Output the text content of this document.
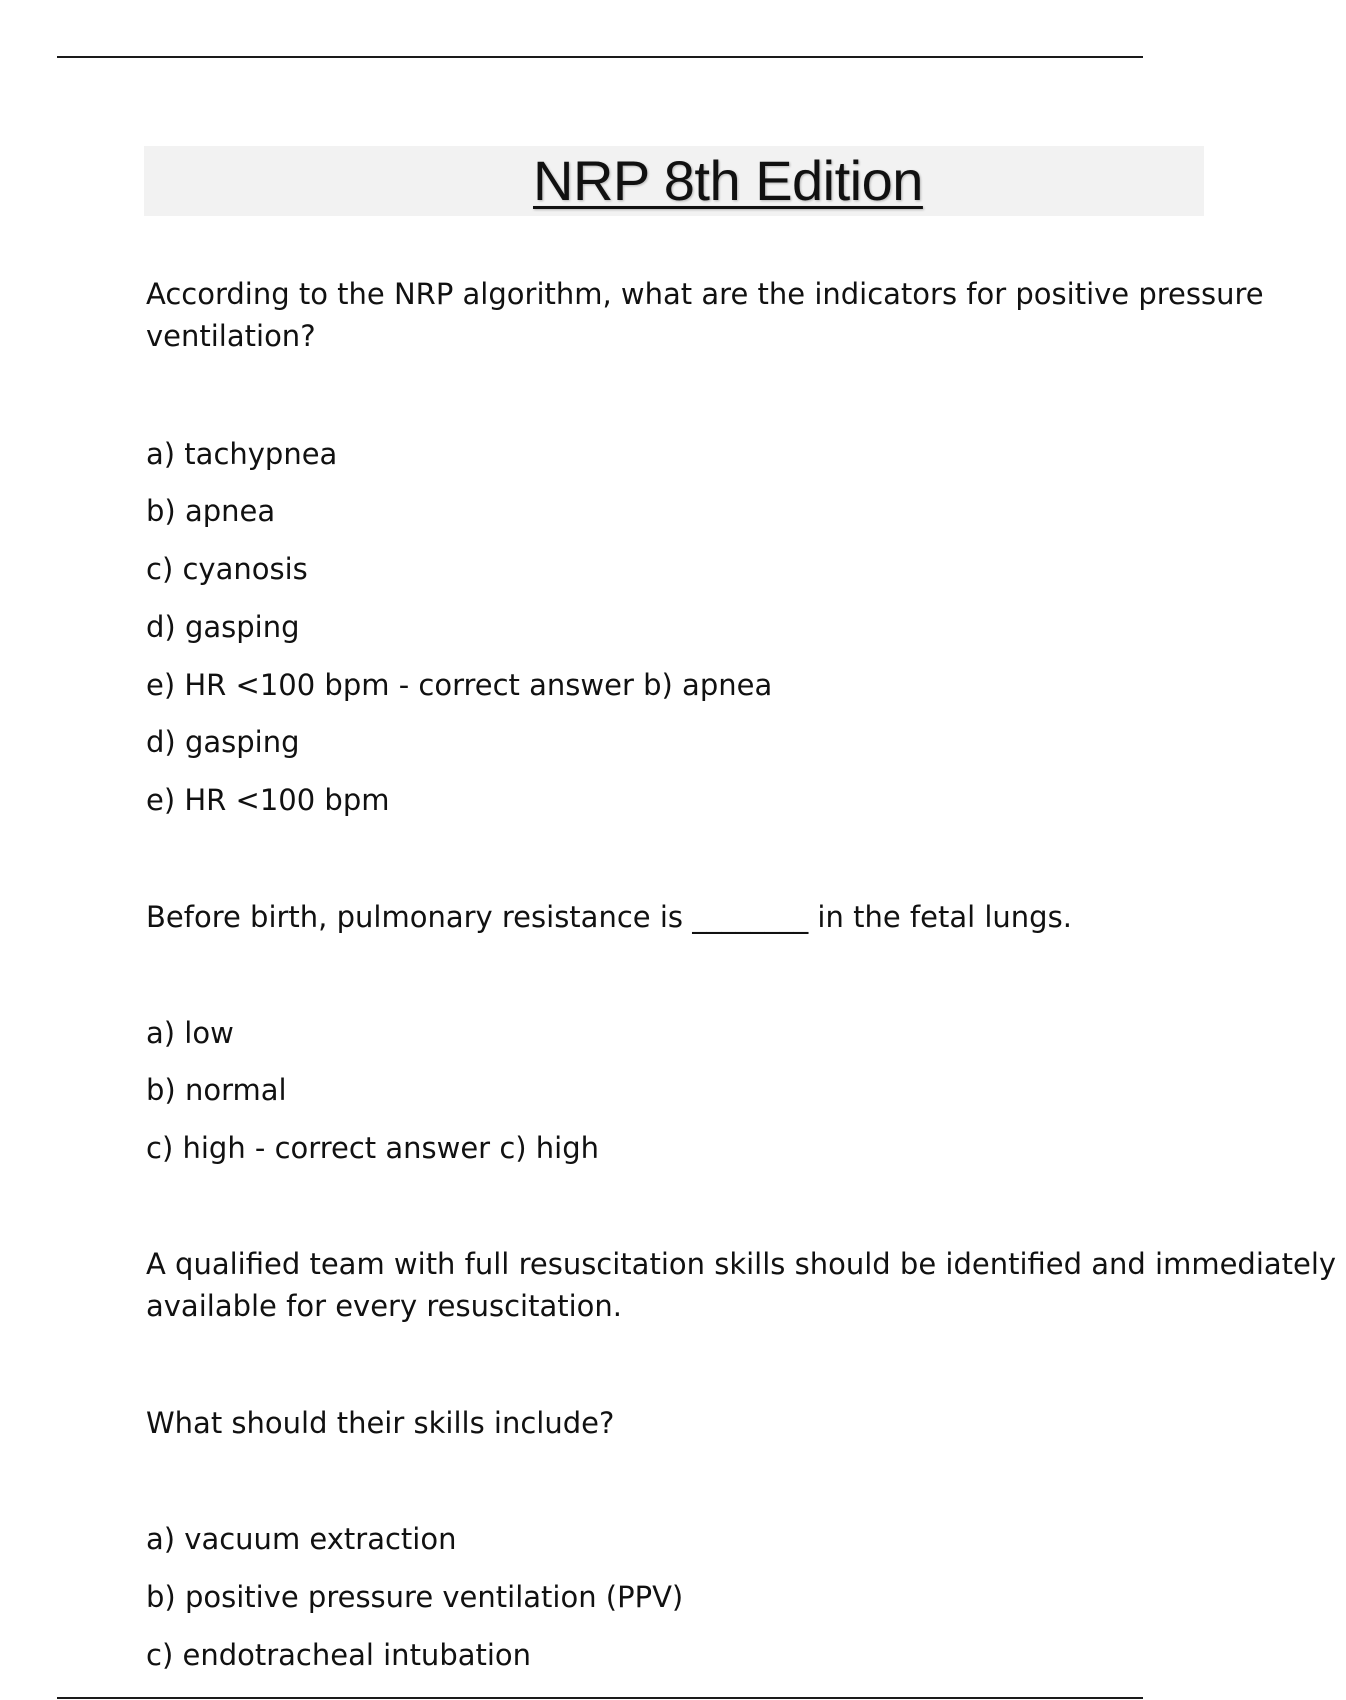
NRP 8th Edition

According to the NRP algorithm, what are the indicators for positive pressure
ventilation?

a) tachypnea

b) apnea

c) cyanosis

d) gasping

e) HR <100 bpm - correct answer b) apnea

d) gasping

e) HR <100 bpm

Before birth, pulmonary resistance is ________ in the fetal lungs.

a) low

b) normal

c) high - correct answer c) high

A qualified team with full resuscitation skills should be identified and immediately
available for every resuscitation.

What should their skills include?

a) vacuum extraction

b) positive pressure ventilation (PPV)

c) endotracheal intubation
